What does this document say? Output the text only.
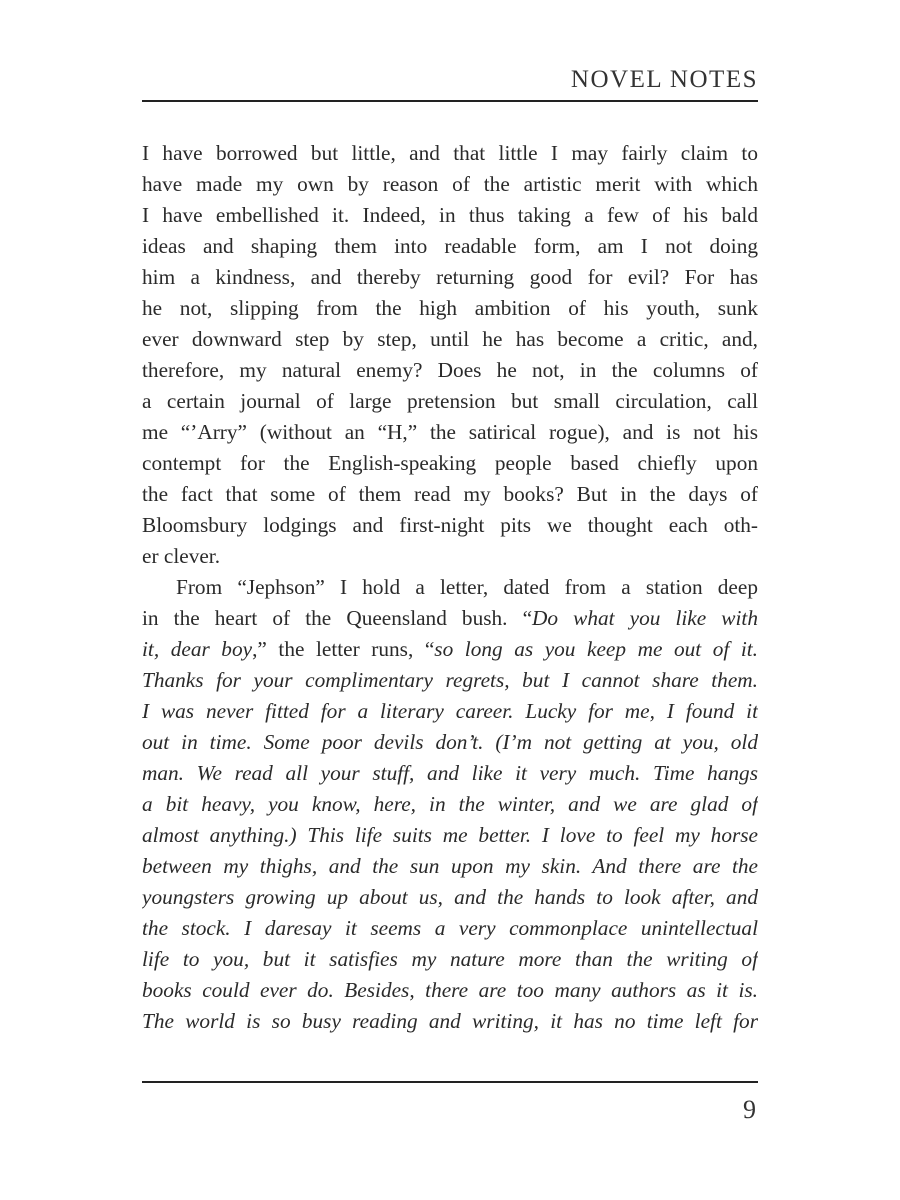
NOVEL NOTES
I have borrowed but little, and that little I may fairly claim to
have made my own by reason of the artistic merit with which
I have embellished it. Indeed, in thus taking a few of his bald
ideas and shaping them into readable form, am I not doing
him a kindness, and thereby returning good for evil? For has
he not, slipping from the high ambition of his youth, sunk
ever downward step by step, until he has become a critic, and,
therefore, my natural enemy? Does he not, in the columns of
a certain journal of large pretension but small circulation, call
me “’Arry” (without an “H,” the satirical rogue), and is not his
contempt for the English-speaking people based chiefly upon
the fact that some of them read my books? But in the days of
Bloomsbury lodgings and first-night pits we thought each oth-
er clever.
From “Jephson” I hold a letter, dated from a station deep
in the heart of the Queensland bush. “Do what you like with
it, dear boy,” the letter runs, “so long as you keep me out of it.
Thanks for your complimentary regrets, but I cannot share them.
I was never fitted for a literary career. Lucky for me, I found it
out in time. Some poor devils don’t. (I’m not getting at you, old
man. We read all your stuff, and like it very much. Time hangs
a bit heavy, you know, here, in the winter, and we are glad of
almost anything.) This life suits me better. I love to feel my horse
between my thighs, and the sun upon my skin. And there are the
youngsters growing up about us, and the hands to look after, and
the stock. I daresay it seems a very commonplace unintellectual
life to you, but it satisfies my nature more than the writing of
books could ever do. Besides, there are too many authors as it is.
The world is so busy reading and writing, it has no time left for
9
